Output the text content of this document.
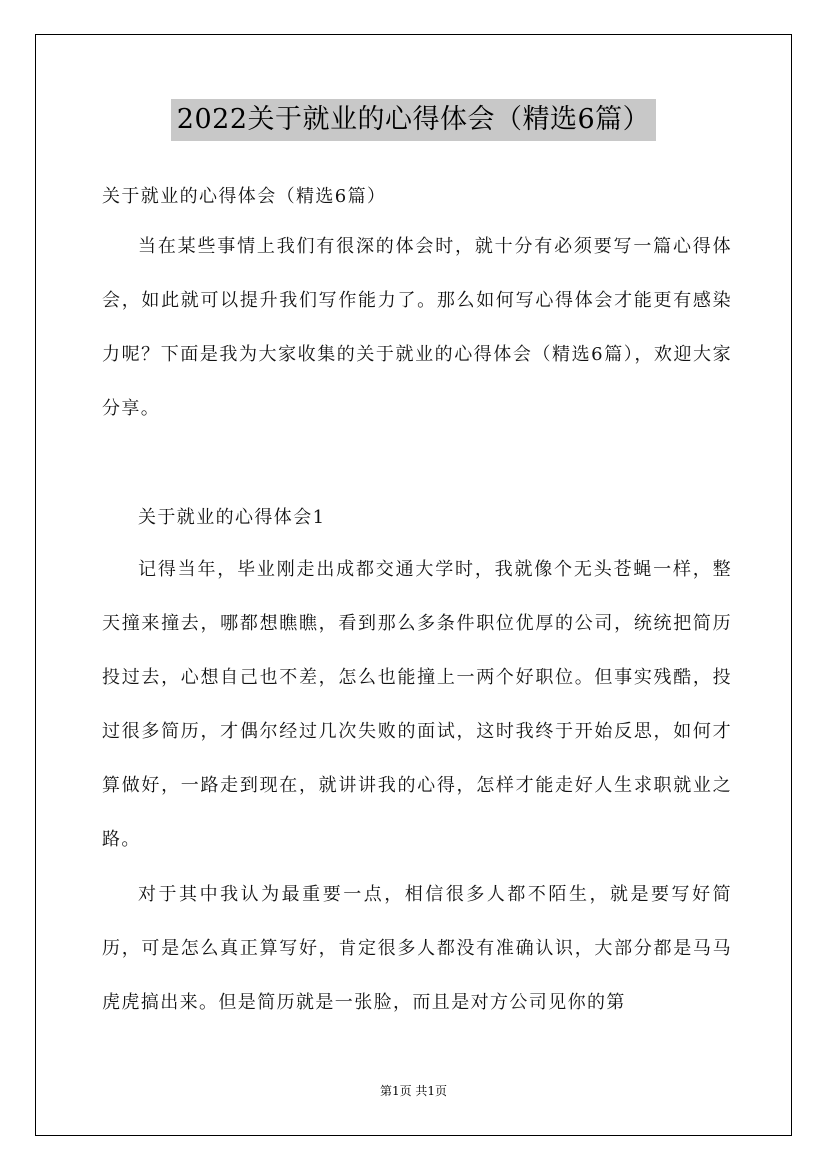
2022关于就业的心得体会（精选6篇）
关于就业的心得体会（精选6篇）
当在某些事情上我们有很深的体会时，就十分有必须要写一篇心得体会，如此就可以提升我们写作能力了。那么如何写心得体会才能更有感染力呢？下面是我为大家收集的关于就业的心得体会（精选6篇），欢迎大家分享。
关于就业的心得体会1
记得当年，毕业刚走出成都交通大学时，我就像个无头苍蝇一样，整天撞来撞去，哪都想瞧瞧，看到那么多条件职位优厚的公司，统统把简历投过去，心想自己也不差，怎么也能撞上一两个好职位。但事实残酷，投过很多简历，才偶尔经过几次失败的面试，这时我终于开始反思，如何才算做好，一路走到现在，就讲讲我的心得，怎样才能走好人生求职就业之路。
对于其中我认为最重要一点，相信很多人都不陌生，就是要写好简历，可是怎么真正算写好，肯定很多人都没有准确认识，大部分都是马马虎虎搞出来。但是简历就是一张脸，而且是对方公司见你的第
第1页 共1页
